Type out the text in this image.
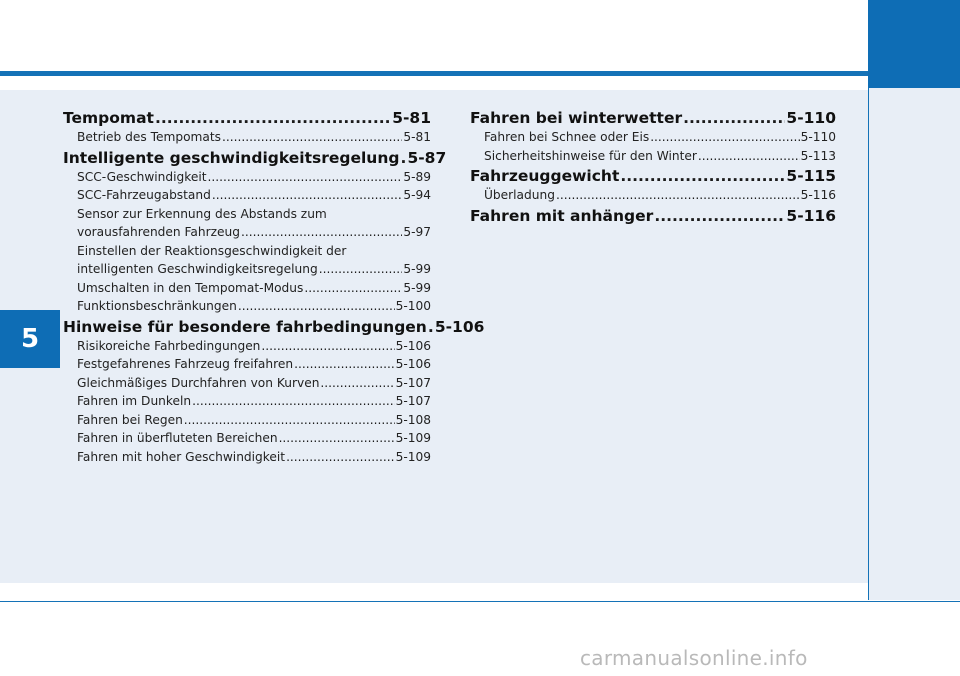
5
Tempomat .....	5-81
Betrieb des Tempomats .....	5-81
Intelligente geschwindigkeitsregelung ..... 5-87
SCC-Geschwindigkeit .....	5-89
SCC-Fahrzeugabstand .....	5-94
Sensor zur Erkennung des Abstands zum
vorausfahrenden Fahrzeug .....	5-97
Einstellen der Reaktionsgeschwindigkeit der
intelligenten Geschwindigkeitsregelung .....	5-99
Umschalten in den Tempomat-Modus .....	5-99
Funktionsbeschränkungen .....	5-100
Hinweise für besondere fahrbedingungen ..... 5-106
Risikoreiche Fahrbedingungen .....	5-106
Festgefahrenes Fahrzeug freifahren .....	5-106
Gleichmäßiges Durchfahren von Kurven .....	5-107
Fahren im Dunkeln .....	5-107
Fahren bei Regen .....	5-108
Fahren in überfluteten Bereichen .....	5-109
Fahren mit hoher Geschwindigkeit .....	5-109
Fahren bei winterwetter .....	5-110
Fahren bei Schnee oder Eis .....	5-110
Sicherheitshinweise für den Winter .....	5-113
Fahrzeuggewicht .....	5-115
Überladung .....	5-116
Fahren mit anhänger .....	5-116
carmanualsonline.info
